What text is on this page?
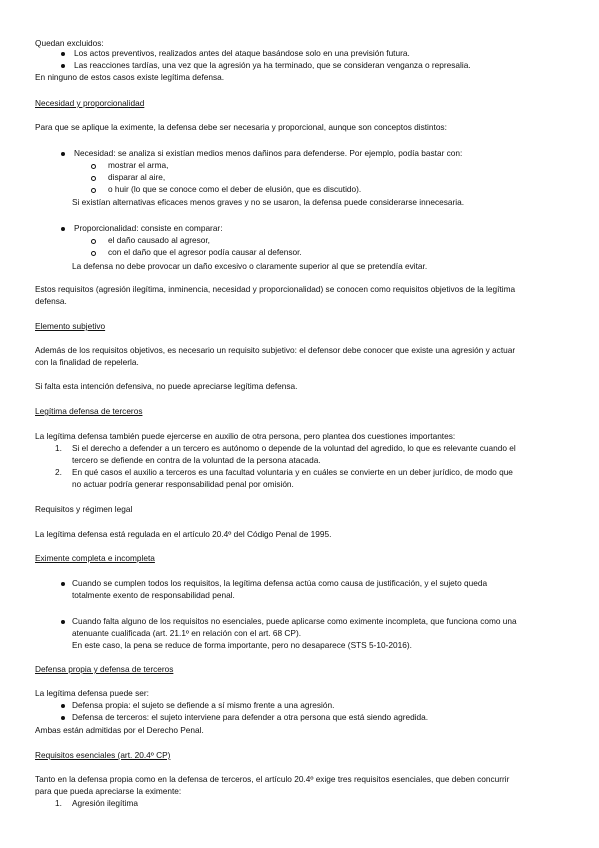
Quedan excluidos:
Los actos preventivos, realizados antes del ataque basándose solo en una previsión futura.
Las reacciones tardías, una vez que la agresión ya ha terminado, que se consideran venganza o represalia.
En ninguno de estos casos existe legítima defensa.
Necesidad y proporcionalidad
Para que se aplique la eximente, la defensa debe ser necesaria y proporcional, aunque son conceptos distintos:
Necesidad: se analiza si existían medios menos dañinos para defenderse. Por ejemplo, podía bastar con:
mostrar el arma,
disparar al aire,
o huir (lo que se conoce como el deber de elusión, que es discutido).
Si existían alternativas eficaces menos graves y no se usaron, la defensa puede considerarse innecesaria.
Proporcionalidad: consiste en comparar:
el daño causado al agresor,
con el daño que el agresor podía causar al defensor.
La defensa no debe provocar un daño excesivo o claramente superior al que se pretendía evitar.
Estos requisitos (agresión ilegítima, inminencia, necesidad y proporcionalidad) se conocen como requisitos objetivos de la legítima
defensa.
Elemento subjetivo
Además de los requisitos objetivos, es necesario un requisito subjetivo: el defensor debe conocer que existe una agresión y actuar
con la finalidad de repelerla.
Si falta esta intención defensiva, no puede apreciarse legítima defensa.
Legítima defensa de terceros
La legítima defensa también puede ejercerse en auxilio de otra persona, pero plantea dos cuestiones importantes:
1. Si el derecho a defender a un tercero es autónomo o depende de la voluntad del agredido, lo que es relevante cuando el
tercero se defiende en contra de la voluntad de la persona atacada.
2. En qué casos el auxilio a terceros es una facultad voluntaria y en cuáles se convierte en un deber jurídico, de modo que
no actuar podría generar responsabilidad penal por omisión.
Requisitos y régimen legal
La legítima defensa está regulada en el artículo 20.4º del Código Penal de 1995.
Eximente completa e incompleta
Cuando se cumplen todos los requisitos, la legítima defensa actúa como causa de justificación, y el sujeto queda
totalmente exento de responsabilidad penal.
Cuando falta alguno de los requisitos no esenciales, puede aplicarse como eximente incompleta, que funciona como una
atenuante cualificada (art. 21.1º en relación con el art. 68 CP).
En este caso, la pena se reduce de forma importante, pero no desaparece (STS 5-10-2016).
Defensa propia y defensa de terceros
La legítima defensa puede ser:
Defensa propia: el sujeto se defiende a sí mismo frente a una agresión.
Defensa de terceros: el sujeto interviene para defender a otra persona que está siendo agredida.
Ambas están admitidas por el Derecho Penal.
Requisitos esenciales (art. 20.4º CP)
Tanto en la defensa propia como en la defensa de terceros, el artículo 20.4º exige tres requisitos esenciales, que deben concurrir
para que pueda apreciarse la eximente:
1. Agresión ilegítima
